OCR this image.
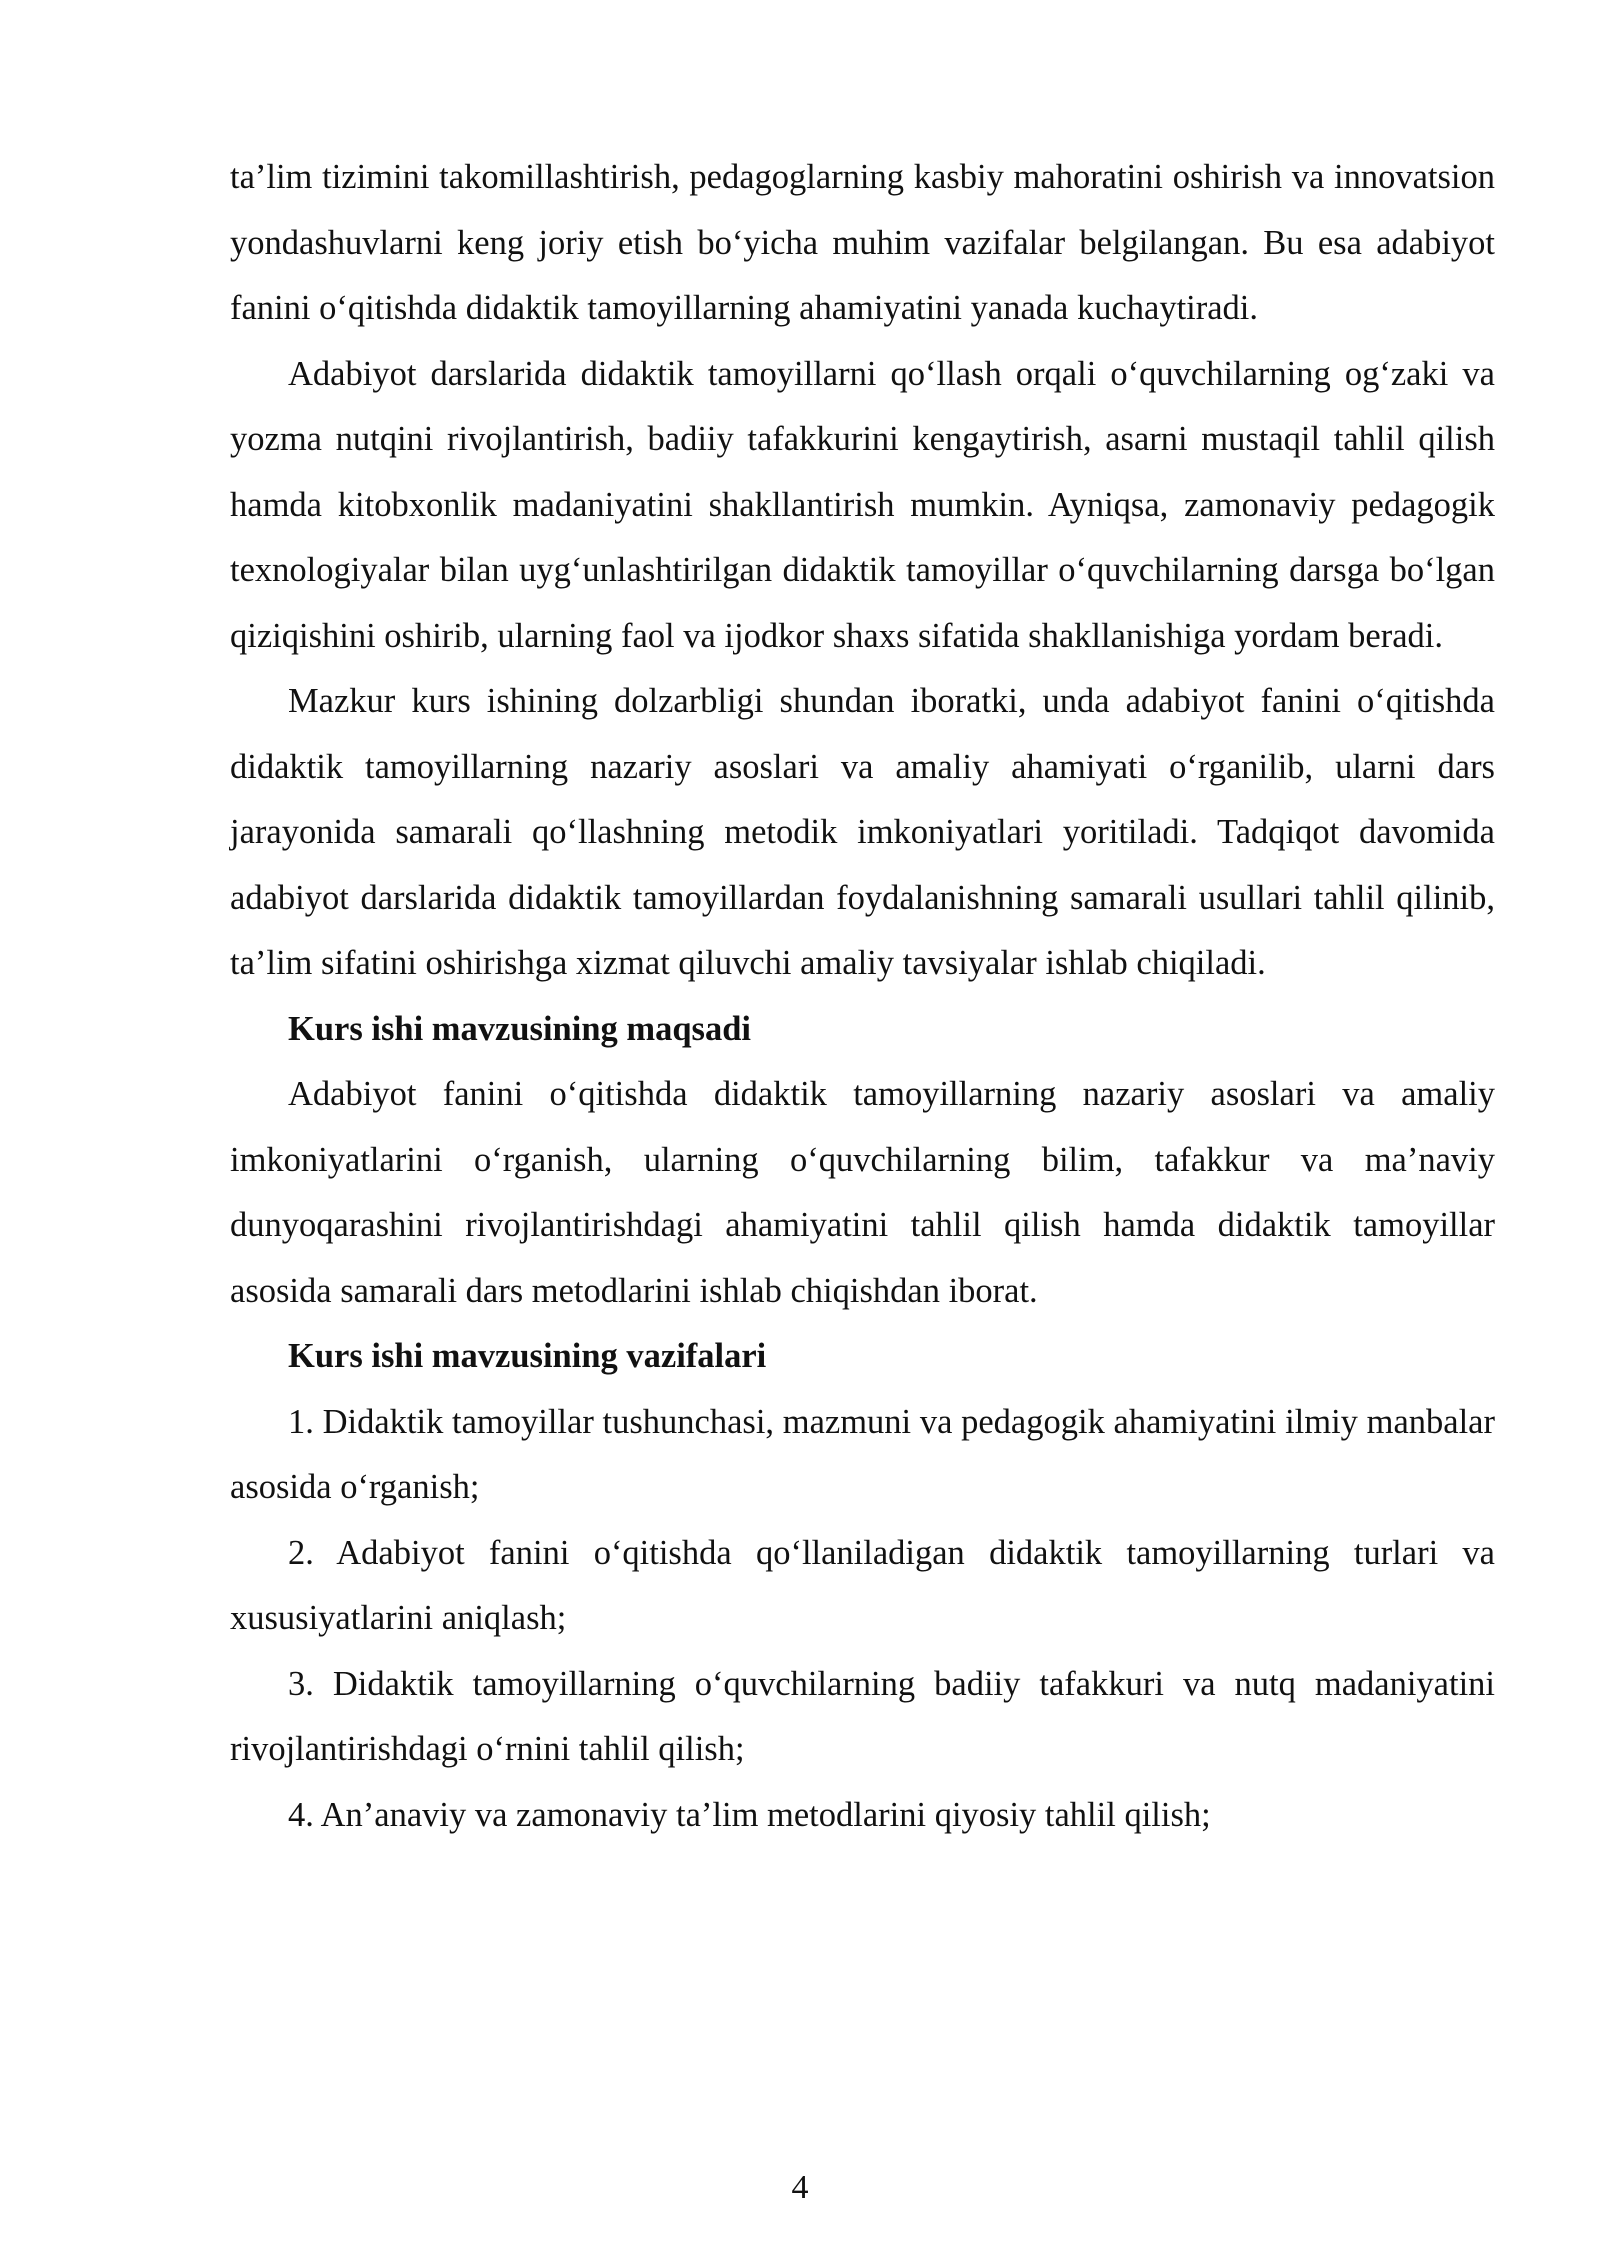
ta’lim tizimini takomillashtirish, pedagoglarning kasbiy mahoratini oshirish va innovatsion yondashuvlarni keng joriy etish bo‘yicha muhim vazifalar belgilangan. Bu esa adabiyot fanini o‘qitishda didaktik tamoyillarning ahamiyatini yanada kuchaytiradi.

Adabiyot darslarida didaktik tamoyillarni qo‘llash orqali o‘quvchilarning og‘zaki va yozma nutqini rivojlantirish, badiiy tafakkurini kengaytirish, asarni mustaqil tahlil qilish hamda kitobxonlik madaniyatini shakllantirish mumkin. Ayniqsa, zamonaviy pedagogik texnologiyalar bilan uyg‘unlashtirilgan didaktik tamoyillar o‘quvchilarning darsga bo‘lgan qiziqishini oshirib, ularning faol va ijodkor shaxs sifatida shakllanishiga yordam beradi.

Mazkur kurs ishining dolzarbligi shundan iboratki, unda adabiyot fanini o‘qitishda didaktik tamoyillarning nazariy asoslari va amaliy ahamiyati o‘rganilib, ularni dars jarayonida samarali qo‘llashning metodik imkoniyatlari yoritiladi. Tadqiqot davomida adabiyot darslarida didaktik tamoyillardan foydalanishning samarali usullari tahlil qilinib, ta’lim sifatini oshirishga xizmat qiluvchi amaliy tavsiyalar ishlab chiqiladi.

Kurs ishi mavzusining maqsadi

Adabiyot fanini o‘qitishda didaktik tamoyillarning nazariy asoslari va amaliy imkoniyatlarini o‘rganish, ularning o‘quvchilarning bilim, tafakkur va ma’naviy dunyoqarashini rivojlantirishdagi ahamiyatini tahlil qilish hamda didaktik tamoyillar asosida samarali dars metodlarini ishlab chiqishdan iborat.

Kurs ishi mavzusining vazifalari

1. Didaktik tamoyillar tushunchasi, mazmuni va pedagogik ahamiyatini ilmiy manbalar asosida o‘rganish;

2. Adabiyot fanini o‘qitishda qo‘llaniladigan didaktik tamoyillarning turlari va xususiyatlarini aniqlash;

3. Didaktik tamoyillarning o‘quvchilarning badiiy tafakkuri va nutq madaniyatini rivojlantirishdagi o‘rnini tahlil qilish;

4. An’anaviy va zamonaviy ta’lim metodlarini qiyosiy tahlil qilish;

4
